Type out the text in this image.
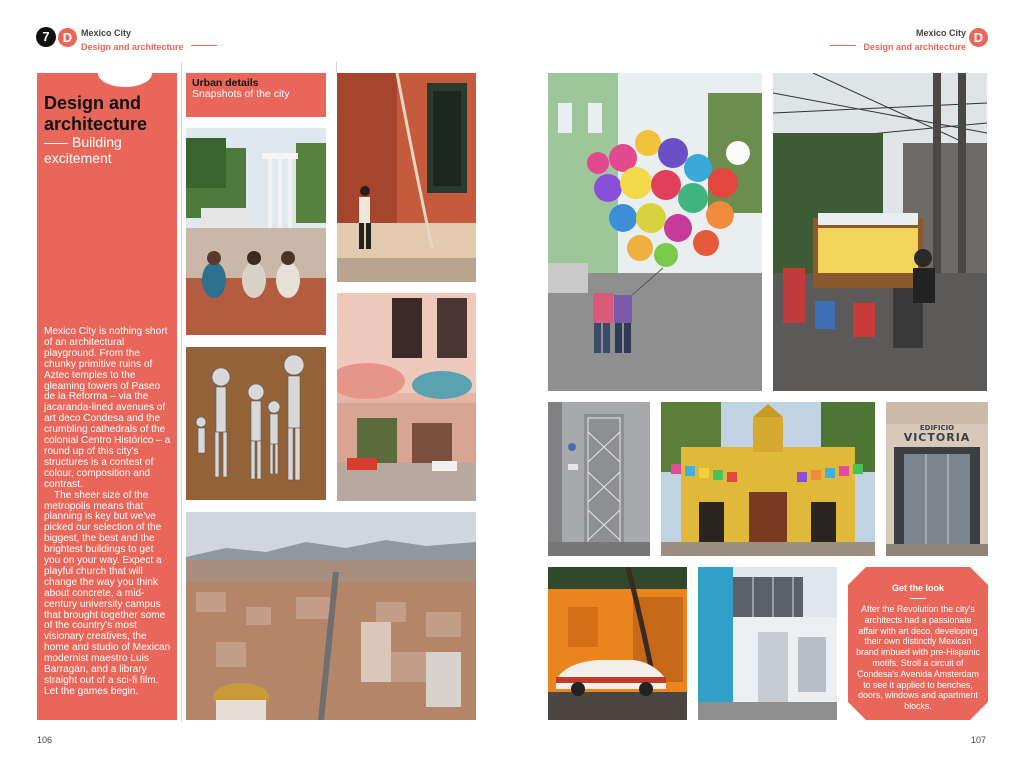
7	D Mexico City
Design and architecture
Mexico City
Design and architecture
D
Design and
architecture
Building
excitement

Mexico City is nothing short of an architectural playground. From the chunky primitive ruins of Aztec temples to the gleaming towers of Paseo de la Reforma – via the jacaranda-lined avenues of art deco Condesa and the crumbling cathedrals of the colonial Centro Histórico – a round up of this city's structures is a contest of colour, composition and contrast.

The sheer size of the metropolis means that planning is key but we've picked our selection of the biggest, the best and the brightest buildings to get you on your way. Expect a playful church that will change the way you think about concrete, a mid-century university campus that brought together some of the country's most visionary creatives, the home and studio of Mexican modernist maestro Luis Barragán, and a library straight out of a sci-fi film. Let the games begin.

Urban details
Snapshots of the city
EDIFICIO
VICTORIA
Get the look
After the Revolution the city's architects had a passionate affair with art deco, developing their own distinctly Mexican brand imbued with pre-Hispanic motifs. Stroll a circuit of Condesa's Avenida Amsterdam to see it applied to benches, doors, windows and apartment blocks.
106	107
